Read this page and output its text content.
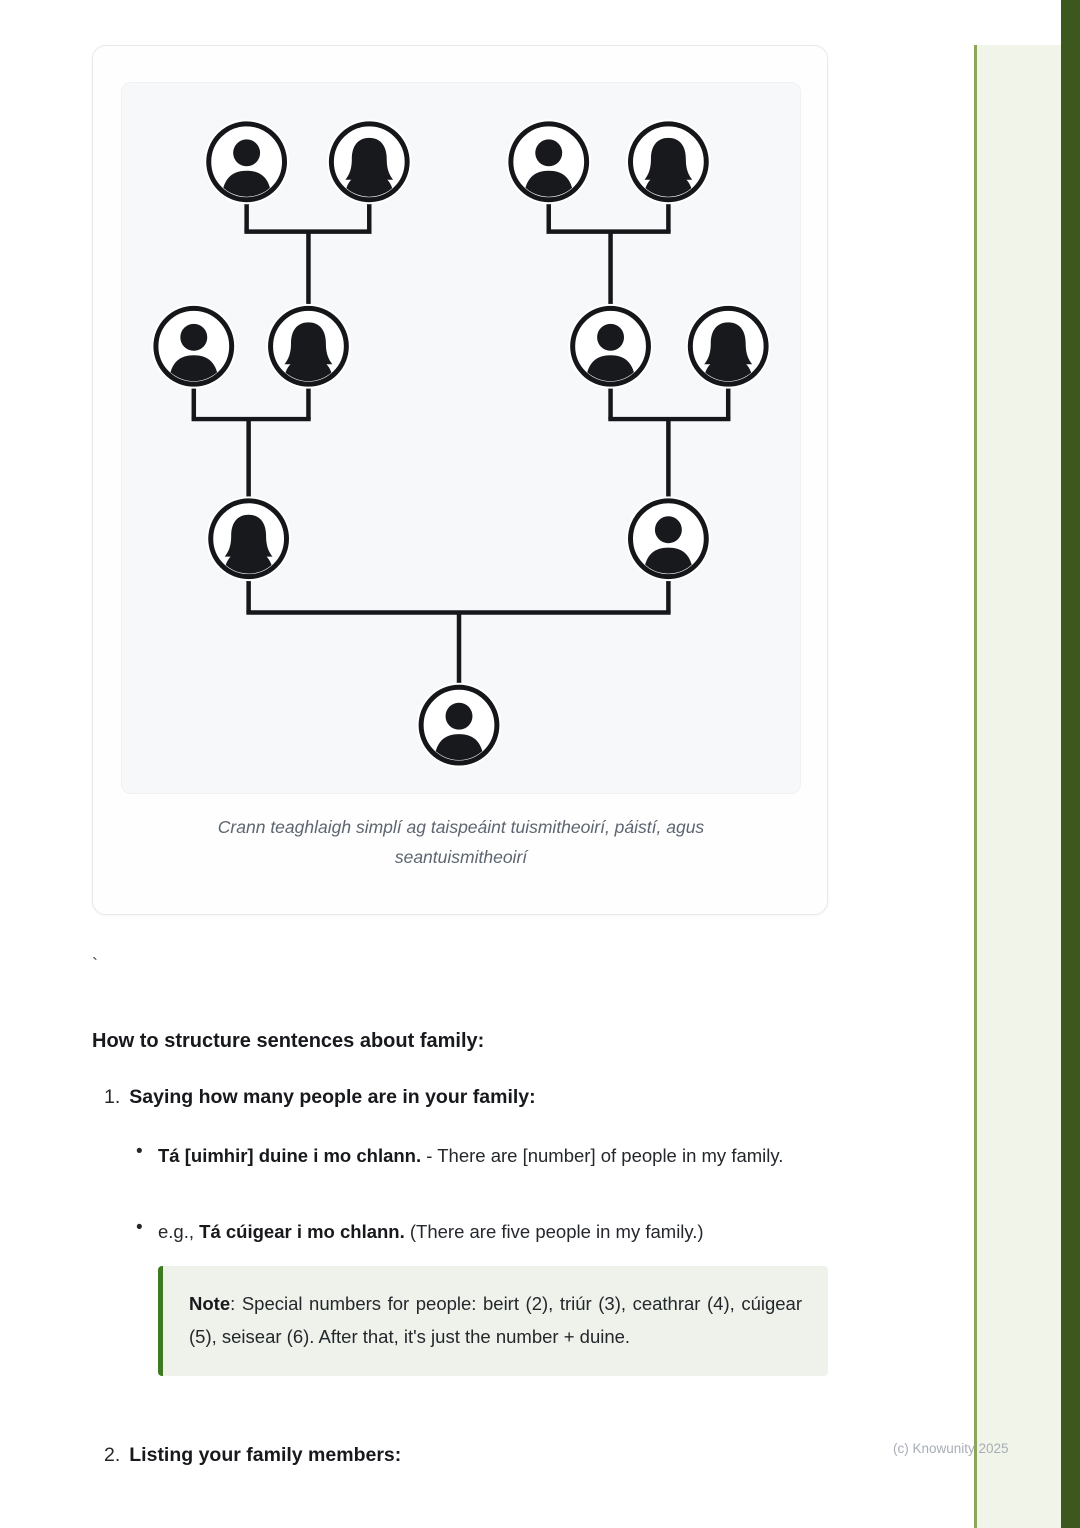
Crann teaghlaigh simplí ag taispeáint tuismitheoirí, páistí, agus seantuismitheoirí

`
How to structure sentences about family:
1. Saying how many people are in your family:

• Tá [uimhir] duine i mo chlann. - There are [number] of people in my family.

• e.g., Tá cúigear i mo chlann. (There are five people in my family.)

Note: Special numbers for people: beirt (2), triúr (3), ceathrar (4), cúigear (5), seisear (6). After that, it's just the number + duine.

2. Listing your family members:	(c) Knowunity 2025
